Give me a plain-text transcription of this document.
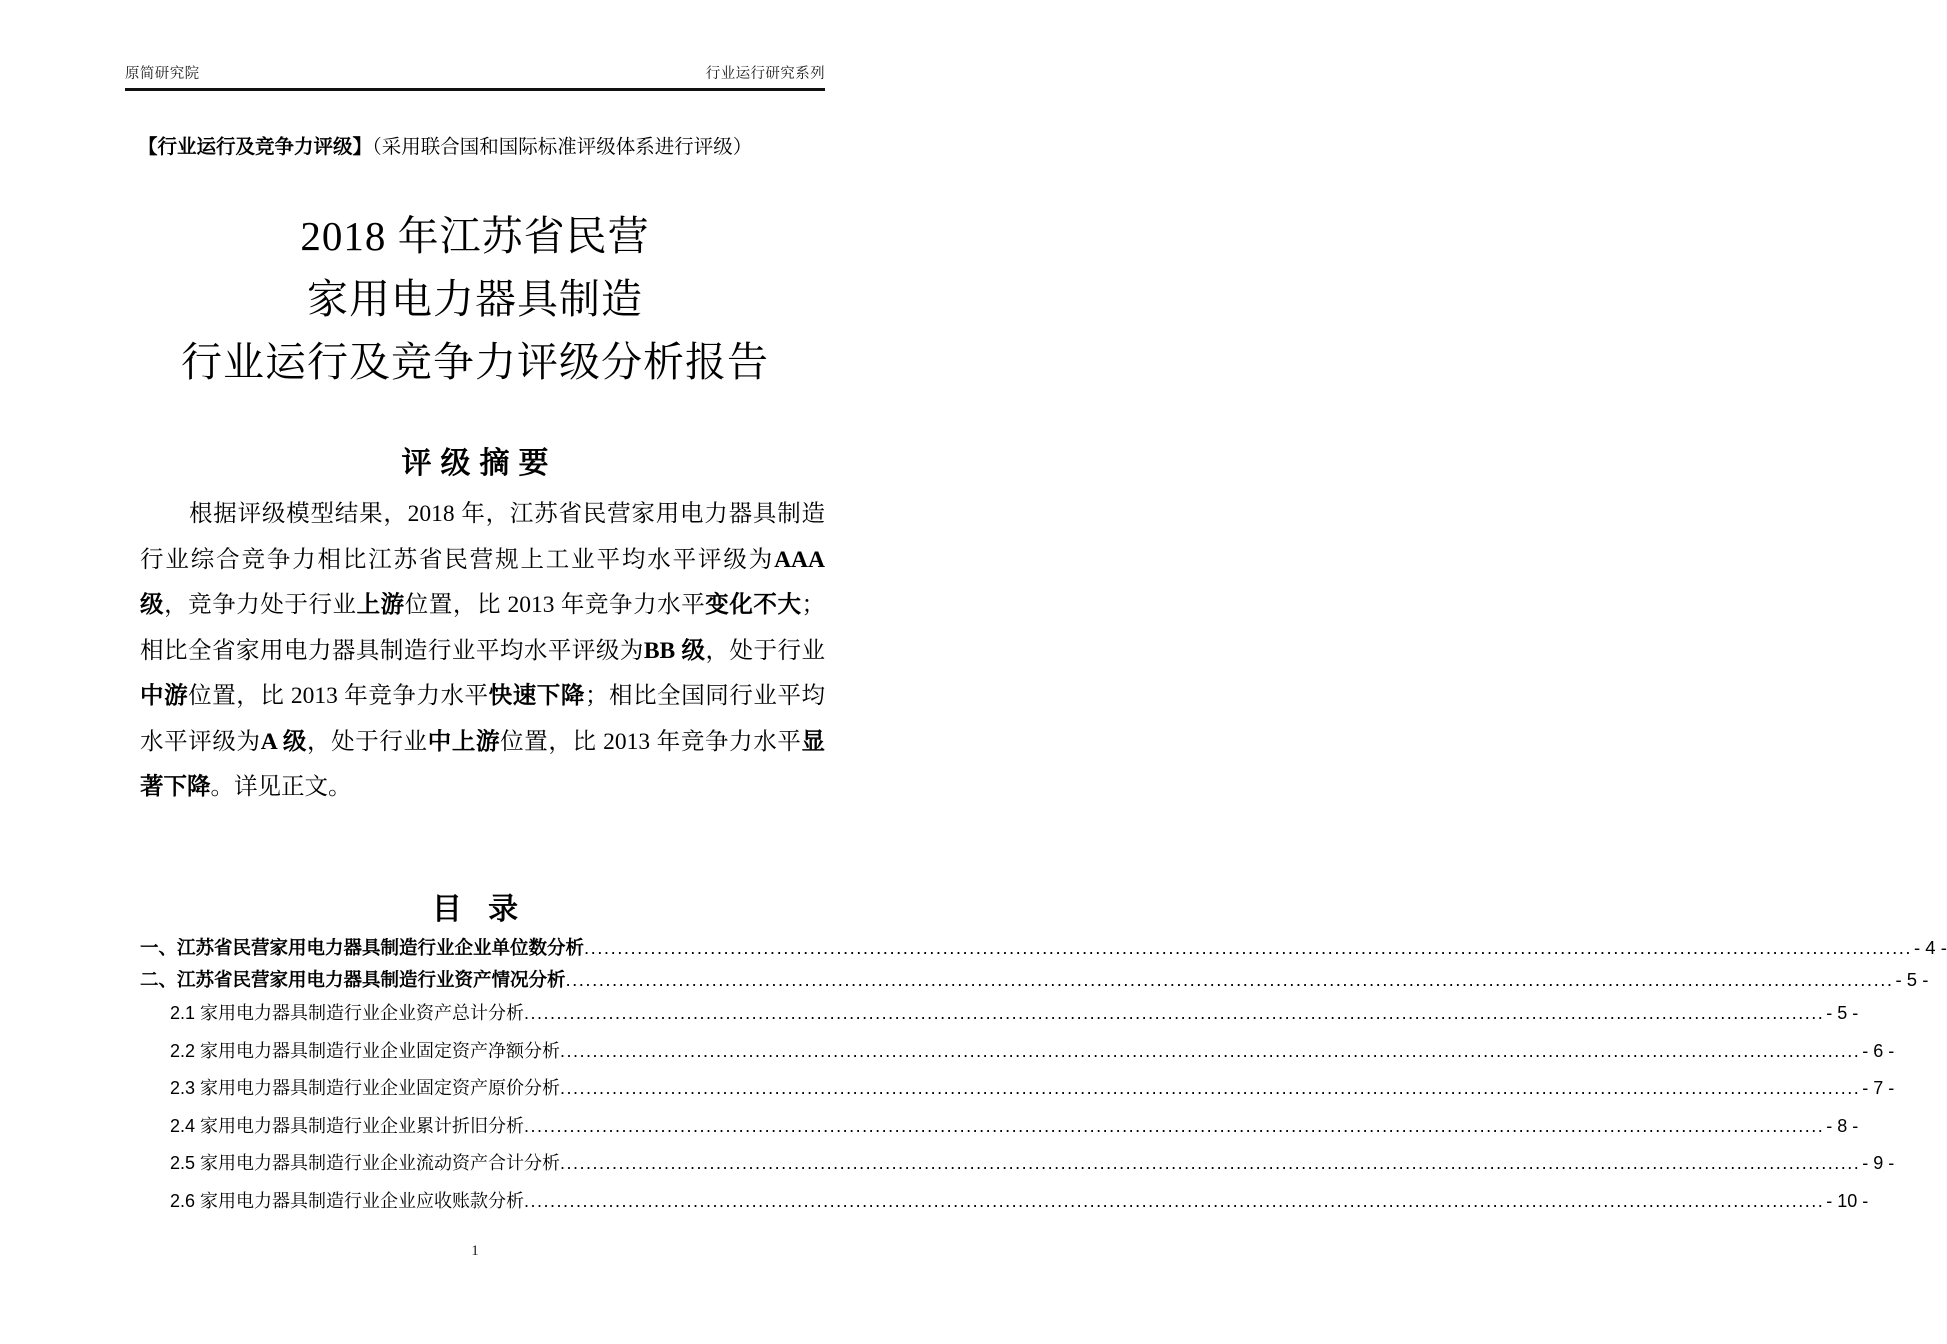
原简研究院	行业运行研究系列
【行业运行及竞争力评级】（采用联合国和国际标准评级体系进行评级）
2018 年江苏省民营
家用电力器具制造
行业运行及竞争力评级分析报告
评级摘要
根据评级模型结果，2018 年，江苏省民营家用电力器具制造行业综合竞争力相比江苏省民营规上工业平均水平评级为AAA 级，竞争力处于行业上游位置，比 2013 年竞争力水平变化不大；相比全省家用电力器具制造行业平均水平评级为BB 级，处于行业中游位置，比 2013 年竞争力水平快速下降；相比全国同行业平均水平评级为A 级，处于行业中上游位置，比 2013 年竞争力水平显著下降。详见正文。
目 录
一、江苏省民营家用电力器具制造行业企业单位数分析 ........................................................................................................................................................................................................ - 4 -
二、江苏省民营家用电力器具制造行业资产情况分析 ........................................................................................................................................................................................................ - 5 -
2.1 家用电力器具制造行业企业资产总计分析 ........................................................................................................................................................................................................ - 5 -
2.2 家用电力器具制造行业企业固定资产净额分析 ........................................................................................................................................................................................................ - 6 -
2.3 家用电力器具制造行业企业固定资产原价分析 ........................................................................................................................................................................................................ - 7 -
2.4 家用电力器具制造行业企业累计折旧分析 ........................................................................................................................................................................................................ - 8 -
2.5 家用电力器具制造行业企业流动资产合计分析 ........................................................................................................................................................................................................ - 9 -
2.6 家用电力器具制造行业企业应收账款分析 ........................................................................................................................................................................................................ - 10 -
1
